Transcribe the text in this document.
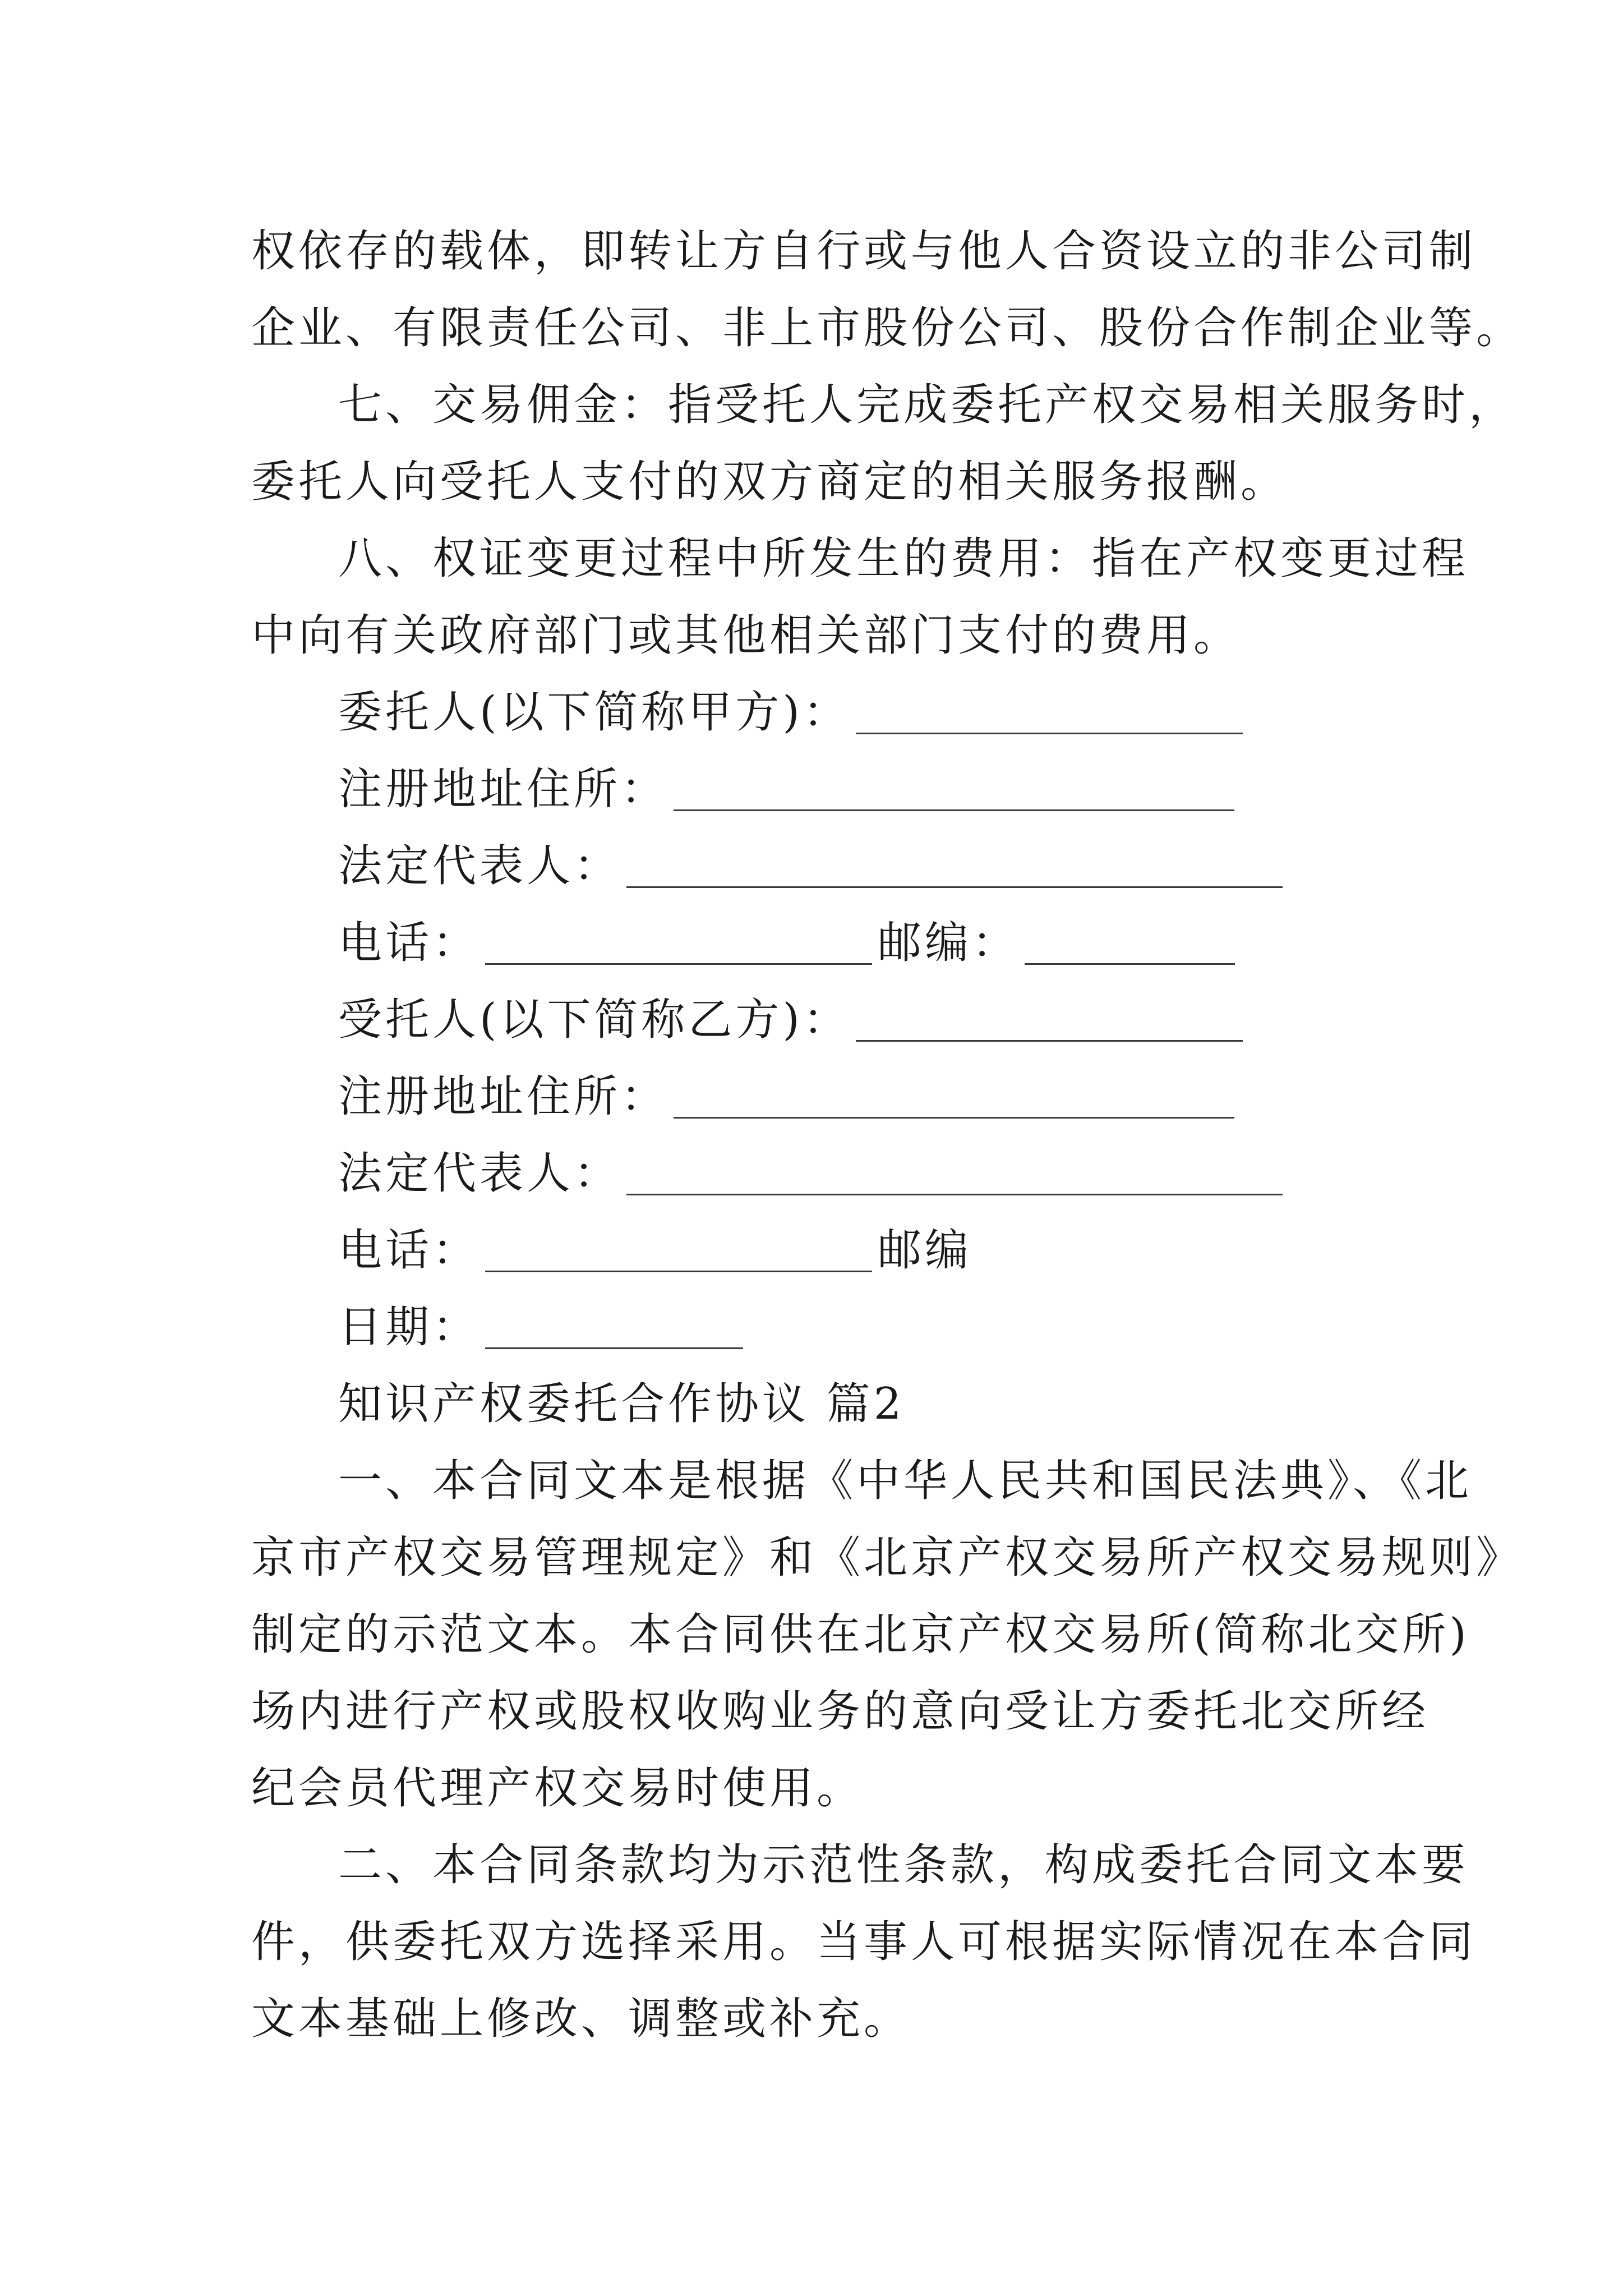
权依存的载体，即转让方自行或与他人合资设立的非公司制
企业、有限责任公司、非上市股份公司、股份合作制企业等。
七、交易佣金：指受托人完成委托产权交易相关服务时，
委托人向受托人支付的双方商定的相关服务报酬。
八、权证变更过程中所发生的费用：指在产权变更过程
中向有关政府部门或其他相关部门支付的费用。
委托人(以下简称甲方)：
注册地址住所：
法定代表人：
电话：	邮编：
受托人(以下简称乙方)：
注册地址住所：
法定代表人：
电话：	邮编
日期：
知识产权委托合作协议 篇2
一、本合同文本是根据《中华人民共和国民法典》、《北
京市产权交易管理规定》和《北京产权交易所产权交易规则》
制定的示范文本。本合同供在北京产权交易所(简称北交所)
场内进行产权或股权收购业务的意向受让方委托北交所经
纪会员代理产权交易时使用。
二、本合同条款均为示范性条款，构成委托合同文本要
件，供委托双方选择采用。当事人可根据实际情况在本合同
文本基础上修改、调整或补充。
